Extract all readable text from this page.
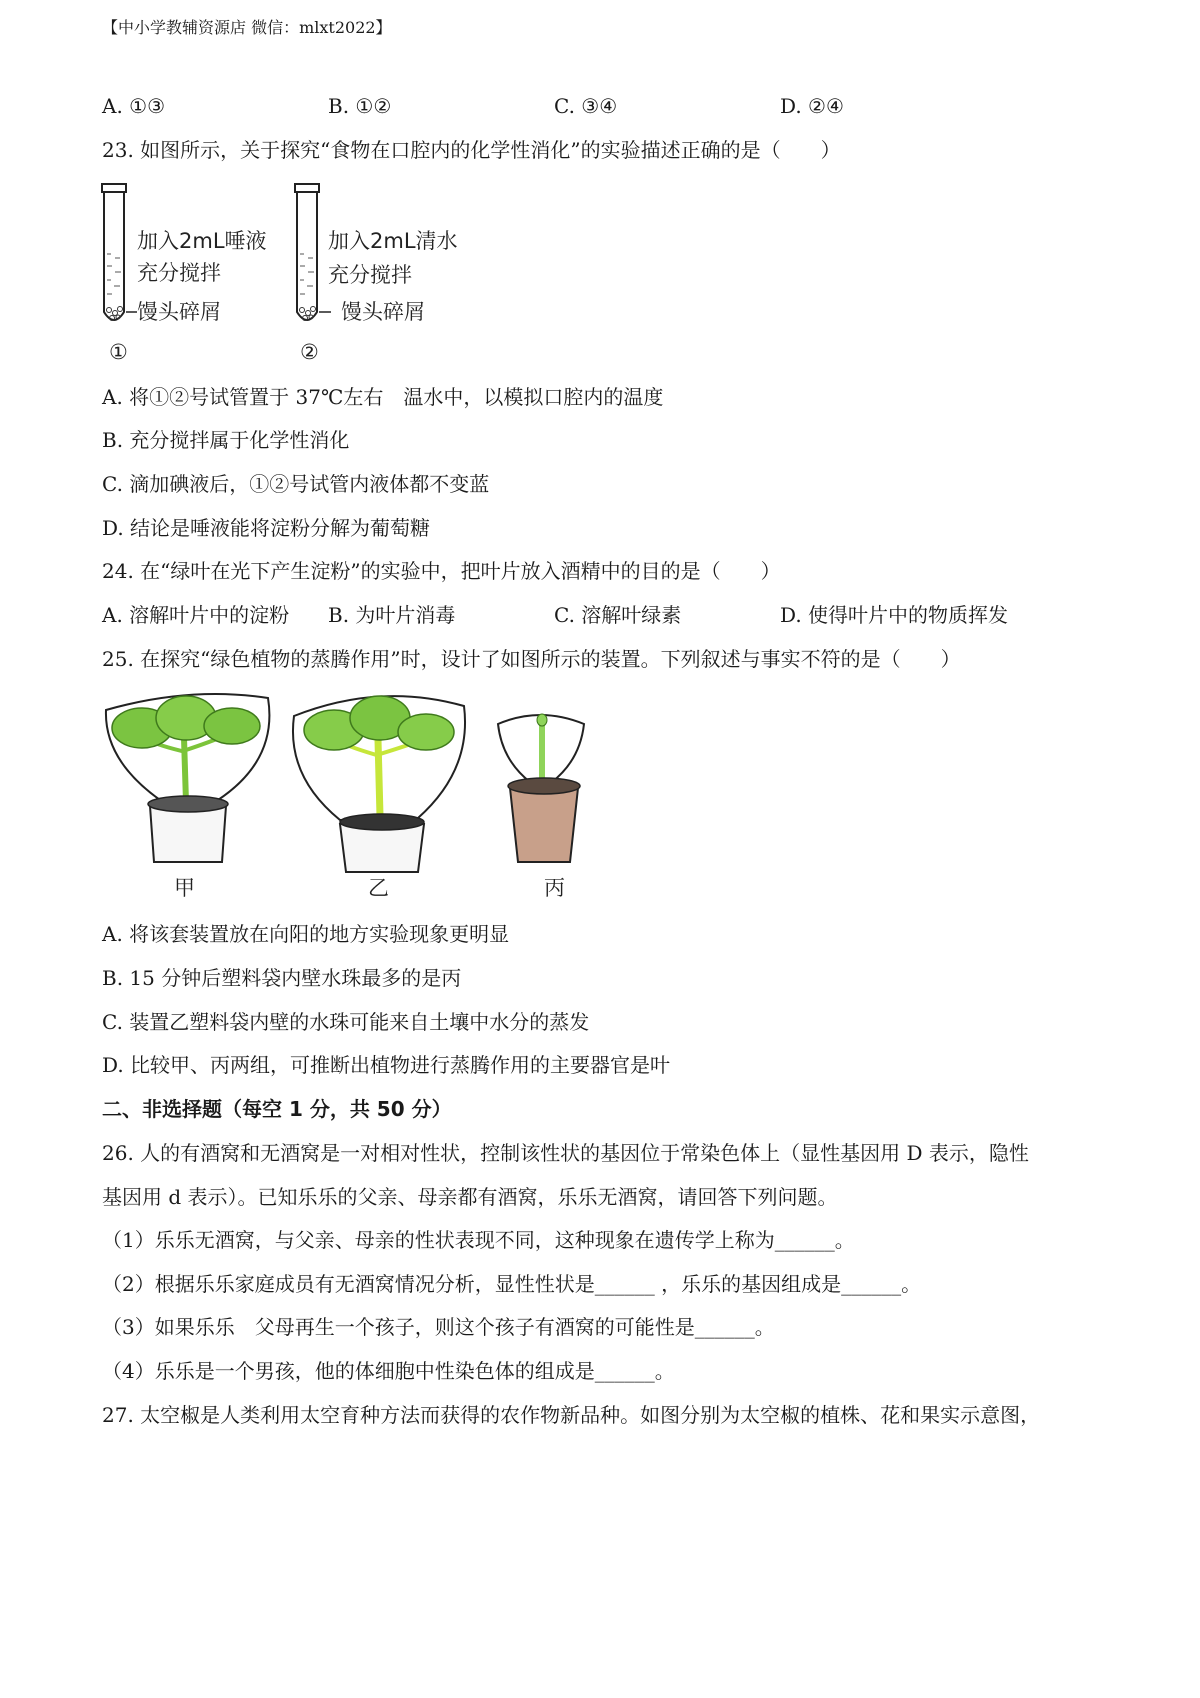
【中小学教辅资源店 微信：mlxt2022】
A. ①③	B. ①②	C. ③④	D. ②④
23. 如图所示，关于探究“食物在口腔内的化学性消化”的实验描述正确的是（　　）
加入2mL唾液
充分搅拌
馒头碎屑
①
加入2mL清水
充分搅拌
馒头碎屑
②
A. 将①②号试管置于 37℃左右　温水中，以模拟口腔内的温度
B. 充分搅拌属于化学性消化
C. 滴加碘液后，①②号试管内液体都不变蓝
D. 结论是唾液能将淀粉分解为葡萄糖
24. 在“绿叶在光下产生淀粉”的实验中，把叶片放入酒精中的目的是（　　）
A. 溶解叶片中的淀粉 B. 为叶片消毒	C. 溶解叶绿素	D. 使得叶片中的物质挥发
25. 在探究“绿色植物的蒸腾作用”时，设计了如图所示的装置。下列叙述与事实不符的是（　　）
甲	乙	丙
A. 将该套装置放在向阳的地方实验现象更明显
B. 15 分钟后塑料袋内壁水珠最多的是丙
C. 装置乙塑料袋内壁的水珠可能来自土壤中水分的蒸发
D. 比较甲、丙两组，可推断出植物进行蒸腾作用的主要器官是叶
二、非选择题（每空 1 分，共 50 分）
26. 人的有酒窝和无酒窝是一对相对性状，控制该性状的基因位于常染色体上（显性基因用 D 表示，隐性
基因用 d 表示）。已知乐乐的父亲、母亲都有酒窝，乐乐无酒窝，请回答下列问题。
（1）乐乐无酒窝，与父亲、母亲的性状表现不同，这种现象在遗传学上称为______。
（2）根据乐乐家庭成员有无酒窝情况分析，显性性状是______ ，乐乐的基因组成是______。
（3）如果乐乐　父母再生一个孩子，则这个孩子有酒窝的可能性是______。
（4）乐乐是一个男孩，他的体细胞中性染色体的组成是______。
27. 太空椒是人类利用太空育种方法而获得的农作物新品种。如图分别为太空椒的植株、花和果实示意图，
